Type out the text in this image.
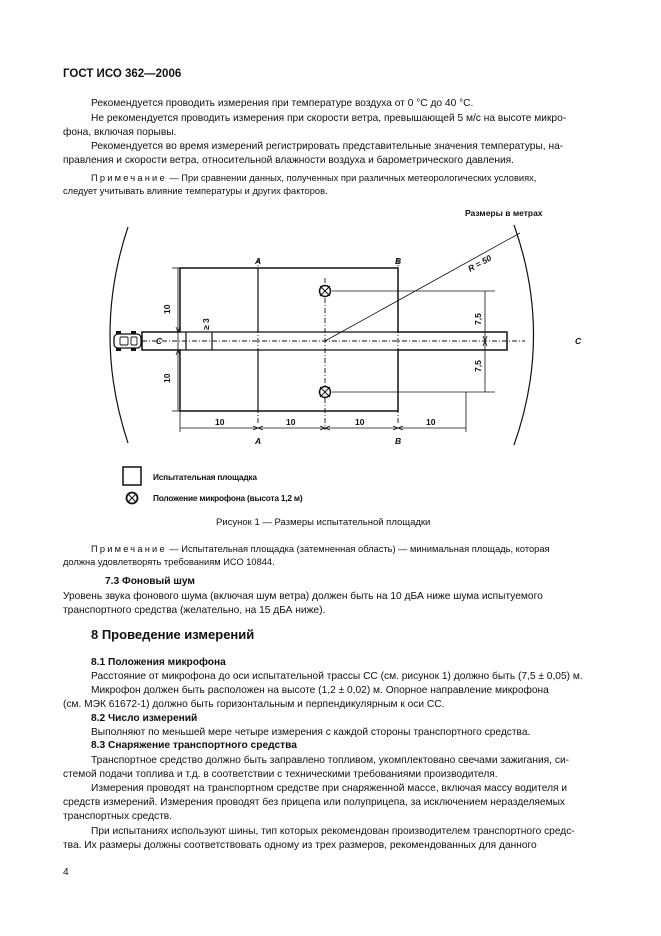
ГОСТ ИСО 362—2006
Рекомендуется проводить измерения при температуре воздуха от 0 °С до 40 °С.
Не рекомендуется проводить измерения при скорости ветра, превышающей 5 м/с на высоте микро-
фона, включая порывы.
Рекомендуется во время измерений регистрировать представительные значения температуры, на-
правления и скорости ветра, относительной влажности воздуха и барометрического давления.
Примечание — При сравнении данных, полученных при различных метеорологических условиях,
следует учитывать влияние температуры и других факторов.
Размеры в метрах
A	B
A	B
C	C
10	10	10	10
10
10
7,5
7,5
≥ 3
R = 50
Испытательная площадка
Положение микрофона (высота 1,2 м)
Рисунок 1 — Размеры испытательной площадки
Примечание — Испытательная площадка (затемненная область) — минимальная площадь, которая
должна удовлетворять требованиям ИСО 10844.
7.3 Фоновый шум
Уровень звука фонового шума (включая шум ветра) должен быть на 10 дБА ниже шума испытуемого
транспортного средства (желательно, на 15 дБА ниже).
8 Проведение измерений
8.1 Положения микрофона
Расстояние от микрофона до оси испытательной трассы СС (см. рисунок 1) должно быть (7,5 ± 0,05) м.
Микрофон должен быть расположен на высоте (1,2 ± 0,02) м. Опорное направление микрофона
(см. МЭК 61672-1) должно быть горизонтальным и перпендикулярным к оси СС.
8.2 Число измерений
Выполняют по меньшей мере четыре измерения с каждой стороны транспортного средства.
8.3 Снаряжение транспортного средства
Транспортное средство должно быть заправлено топливом, укомплектовано свечами зажигания, си-
стемой подачи топлива и т.д. в соответствии с техническими требованиями производителя.
Измерения проводят на транспортном средстве при снаряженной массе, включая массу водителя и
средств измерений. Измерения проводят без прицепа или полуприцепа, за исключением неразделяемых
транспортных средств.
При испытаниях используют шины, тип которых рекомендован производителем транспортного средс-
тва. Их размеры должны соответствовать одному из трех размеров, рекомендованных для данного
4
